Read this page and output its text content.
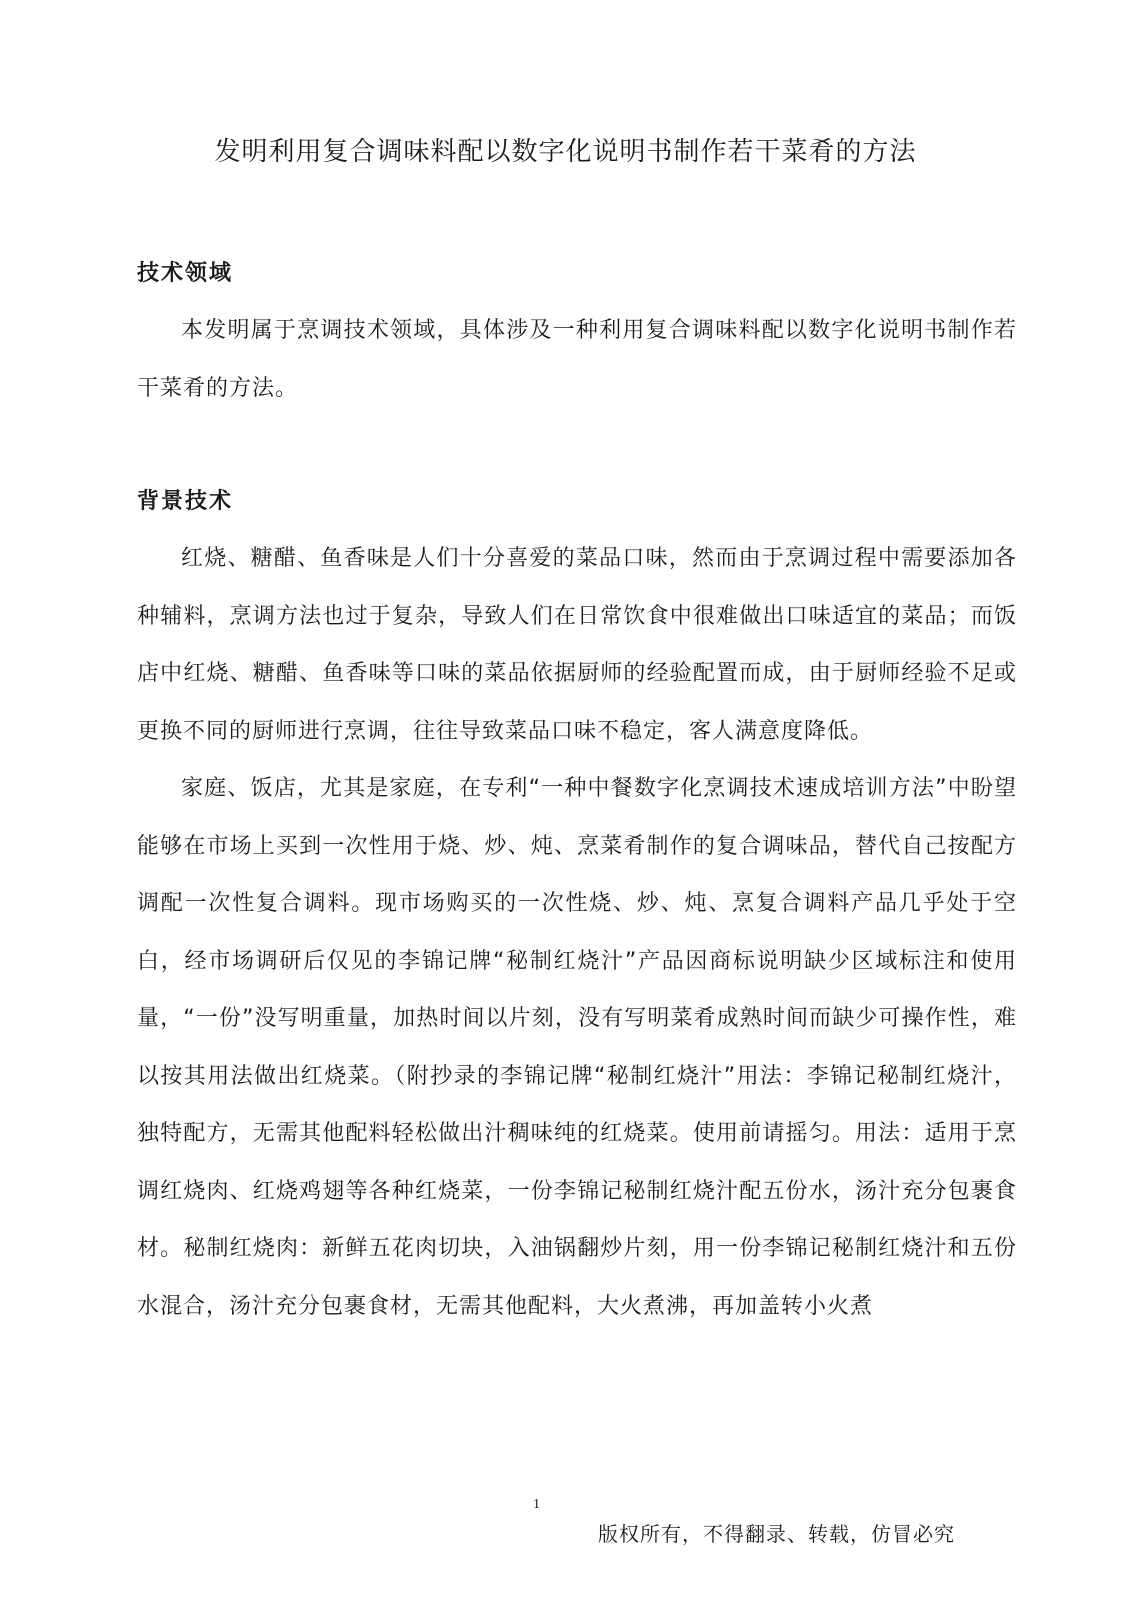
发明利用复合调味料配以数字化说明书制作若干菜肴的方法
技术领域

本发明属于烹调技术领域，具体涉及一种利用复合调味料配以数字化说明书制作若干菜肴的方法。

背景技术

红烧、糖醋、鱼香味是人们十分喜爱的菜品口味，然而由于烹调过程中需要添加各种辅料，烹调方法也过于复杂，导致人们在日常饮食中很难做出口味适宜的菜品；而饭店中红烧、糖醋、鱼香味等口味的菜品依据厨师的经验配置而成，由于厨师经验不足或更换不同的厨师进行烹调，往往导致菜品口味不稳定，客人满意度降低。

家庭、饭店，尤其是家庭，在专利“一种中餐数字化烹调技术速成培训方法”中盼望能够在市场上买到一次性用于烧、炒、炖、烹菜肴制作的复合调味品，替代自己按配方调配一次性复合调料。现市场购买的一次性烧、炒、炖、烹复合调料产品几乎处于空白，经市场调研后仅见的李锦记牌“秘制红烧汁”产品因商标说明缺少区域标注和使用量，“一份”没写明重量，加热时间以片刻，没有写明菜肴成熟时间而缺少可操作性，难以按其用法做出红烧菜。（附抄录的李锦记牌“秘制红烧汁”用法：李锦记秘制红烧汁，独特配方，无需其他配料轻松做出汁稠味纯的红烧菜。使用前请摇匀。用法：适用于烹调红烧肉、红烧鸡翅等各种红烧菜，一份李锦记秘制红烧汁配五份水，汤汁充分包裹食材。秘制红烧肉：新鲜五花肉切块，入油锅翻炒片刻，用一份李锦记秘制红烧汁和五份水混合，汤汁充分包裹食材，无需其他配料，大火煮沸，再加盖转小火煮

1
版权所有，不得翻录、转载，仿冒必究
